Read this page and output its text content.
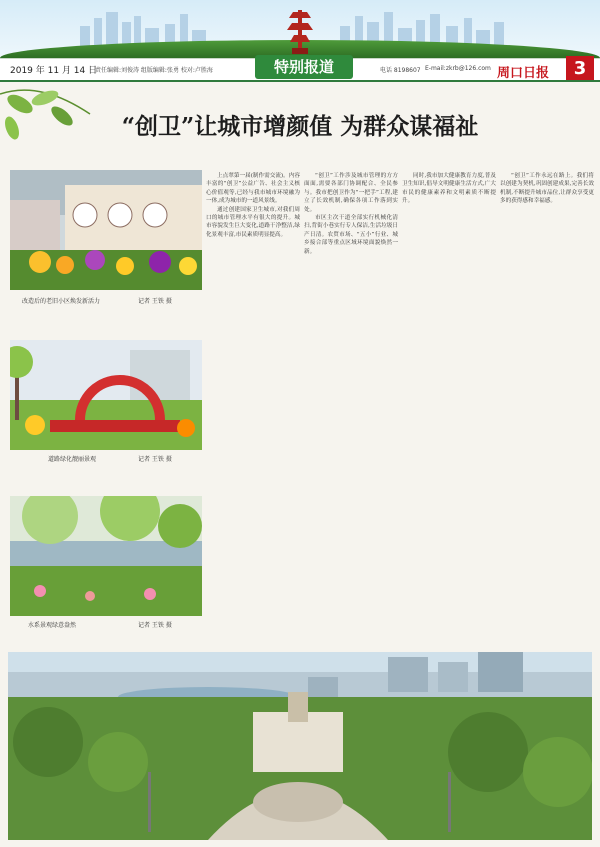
2019 年 11 月 14 日
责任编辑:刘俊涛 组版编辑:张勇 校对:卢胜海	特别报道	电话 8198607 E-mail:zkrb@126.com 周口日报	3
“创卫”让城市增颜值 为群众谋福祉
改造后的老旧小区焕发新活力	记者 王铁 摄
道路绿化靓丽景观	记者 王铁 摄
水系景观绿意盎然	记者 王铁 摄

上点翠第一届(制作需交流)。内容丰富的“创卫”公益广告、社会主义核心价值观等,已经与我市城市环境融为一体,成为城市的一道风景线。

通过创建国家卫生城市,对我们周口的城市管理水平有很大的提升。城市容貌发生巨大变化,道路干净整洁,绿化景观丰富,市民素质明显提高。

“创卫”工作涉及城市管理的方方面面,需要各部门协调配合、全民参与。我市把创卫作为“一把手”工程,建立了长效机制,确保各项工作落到实处。

市区主次干道全部实行机械化清扫,背街小巷实行专人保洁,生活垃圾日产日清。农贸市场、“五小”行业、城乡接合部等重点区域环境面貌焕然一新。

同时,我市加大健康教育力度,普及卫生知识,倡导文明健康生活方式,广大市民的健康素养和文明素质不断提升。

“创卫”工作永远在路上。我们将以创建为契机,巩固创建成果,完善长效机制,不断提升城市品位,让群众享受更多的获得感和幸福感。
